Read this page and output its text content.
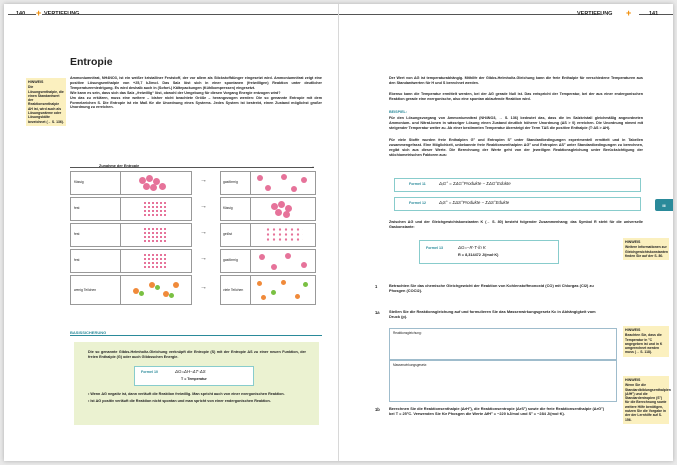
+
Entropie
HINWEIS
Die Lösungsenthalpie, die einen Standardwert der Reaktionsenthalpie ΔH ist, wird auch als Lösungswärme oder Lösungskälte bezeichnet (→ S. 136).
Ammoniumnitrat, NH4NO3, ist ein weißer kristalliner Feststoff, der vor allem als Stickstoffdünger eingesetzt wird. Ammoniumnitrat zeigt eine positive Lösungsenthalpie von +25,7 kJ/mol. Das Salz löst sich in einer spontanen (freiwilligen) Reaktion unter deutlicher Temperaturerniedrigung. Es wird deshalb auch in (Sofort-) Kältepackungen (Kühlkompressen) eingesetzt.
Wie kann es sein, dass sich das Salz „freiwillig“ löst, obwohl der Umgebung für diesen Vorgang Energie entzogen wird?
Um das zu erklären, muss eine weitere – bisher nicht beachtete Größe – herangezogen werden: Die so genannte Entropie mit dem Formelzeichen S. Die Entropie ist ein Maß für die Unordnung eines Systems. Jedes System ist bestrebt, einen Zustand möglichst großer Unordnung zu erreichen.
Zunahme der Entropie	→
flüssig	→	gasförmig
fest	→	flüssig
fest	→	gelöst
fest	→	gasförmig
wenig Teilchen	→	viele Teilchen
BASISSICHERUNG
Die so genannte Gibbs-Helmholtz-Gleichung verknüpft die Entropie (S) mit der Entropie ΔS zu einer neuen Funktion, der freien Enthalpie (G) oder auch Gibbsschen Energie.
Formel 10	ΔG=ΔH−ΔT·ΔS
T = Temperatur
• Wenn ΔG negativ ist, dann verläuft die Reaktion freiwillig. Man spricht auch von einer exergonischen Reaktion.
• Ist ΔG positiv verläuft die Reaktion nicht spontan und man spricht von einer endergonischen Reaktion.
VERTIEFUNG +	141
III
Der Wert von ΔG ist temperaturabhängig. Mithilfe der Gibbs-Helmholtz-Gleichung kann die freie Enthalpie für verschiedene Temperaturen aus den Standardwerten für H und S berechnet werden.
Ebenso kann die Temperatur ermittelt werden, bei der ΔG gerade Null ist. Das entspricht der Temperatur, bei der aus einer endergonischen Reaktion gerade eine exergonische, also eine spontan ablaufende Reaktion wird.
BEISPIEL:
Für den Lösungsvorgang von Ammoniumnitrat (NH4NO3, → S. 136) bedeutet das, dass die im Salzkristall gleichmäßig angeordneten Ammonium- und Nitrat-Ionen in wässriger Lösung einen Zustand deutlich höherer Unordnung (ΔS > 0) erreichen. Die Unordnung nimmt mit steigender Temperatur weiter zu. Ab einer bestimmten Temperatur übersteigt der Term TΔS die positive Enthalpie (T·ΔS > ΔH).
Für viele Stoffe wurden freie Enthalpien G° und Entropien S° unter Standardbedingungen experimentell ermittelt und in Tabellen zusammengefasst. Eine Möglichkeit, unbekannte freie Reaktionsenthalpien ΔG° und Entropien ΔS° unter Standardbedingungen zu berechnen, ergibt sich aus dieser Werte. Die Berechnung der Werte geht von der jeweiligen Reaktionsgleichung unter Berücksichtigung der stöchiometrischen Faktoren aus:
Formel 11	ΔᵣG° = ΣΔG°Produkte − ΣΔG°Edukte
Formel 12	ΔᵣS° = ΣΔS°Produkte − ΣΔS°Edukte
Zwischen ΔG und der Gleichgewichtskonstanten K (→ S. 80) besteht folgender Zusammenhang; das Symbol R steht für die universelle Gaskonstante:
Formel 13	ΔG=−R·T·ln K
R = 8,314472 J/(mol·K)
1	Betrachten Sie das chemische Gleichgewicht der Reaktion von Kohlenstoffmonoxid (CO) mit Chlorgas (Cl2) zu Phosgen (COCl2).
1a Stellen Sie die Reaktionsgleichung auf und formulieren Sie das Massenwirkungsgesetz Kc in Abhängigkeit vom Druck (p).
Reaktionsgleichung:
Massenwirkungsgesetz:
1b Berechnen Sie die Reaktionsenthalpie (ΔrH°), die Reaktionsentropie (ΔrS°) sowie die freie Reaktionsenthalpie (ΔrG°) bei T = 25°C. Verwenden Sie für Phosgen die Werte ΔfH° = −220 kJ/mol und S° = −284 J/(mol·K).
HINWEIS
Weitere Informationen zur Gleichgewichtskonstanten finden Sie auf der S. 80.
HINWEIS
Beachten Sie, dass die Temperatur in °C angegeben ist und in K umgerechnet werden muss (→ S. 118).
HINWEIS
Wenn Sie die Standardbildungsenthalpien (ΔfH°) und die Standardentropien (S°) für die Berechnung sowie weitere Hilfe benötigen, nutzen Sie die Vorgabe in der der Lernhilfe auf S. 156.
